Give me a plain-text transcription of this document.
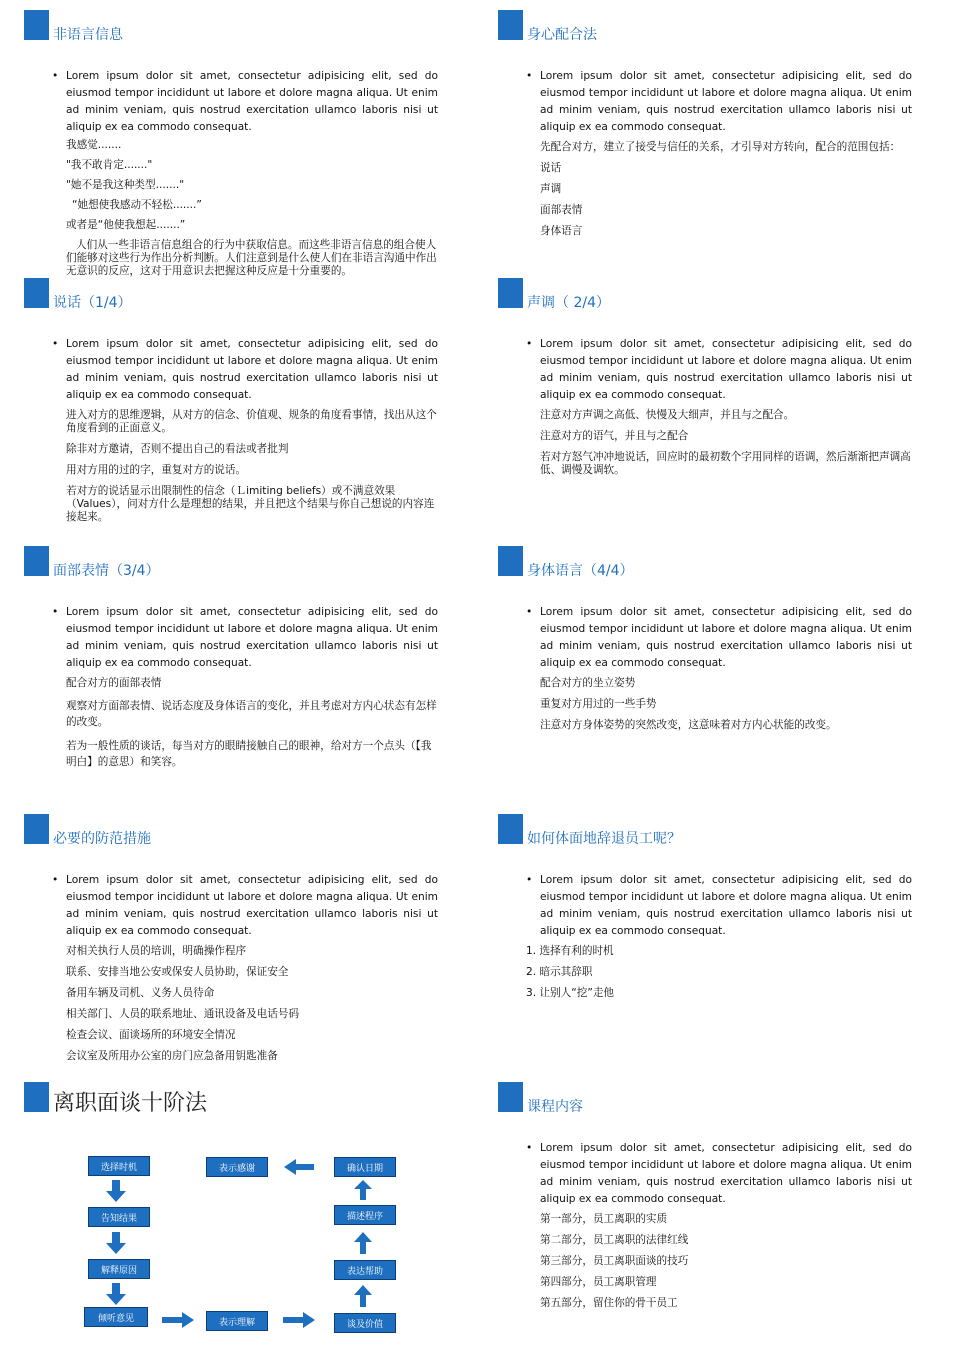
非语言信息
• Lorem ipsum dolor sit amet, consectetur adipisicing elit, sed do eiusmod tempor incididunt ut labore et dolore magna aliqua. Ut enim ad minim veniam, quis nostrud exercitation ullamco laboris nisi ut aliquip ex ea commodo consequat.
我感觉.......
"我不敢肯定......."
"她不是我这种类型......."
“她想使我感动不轻松.......”
或者是“他使我想起.......”
人们从一些非语言信息组合的行为中获取信息。而这些非语言信息的组合使人们能够对这些行为作出分析判断。人们注意到是什么使人们在非语言沟通中作出无意识的反应，这对于用意识去把握这种反应是十分重要的。
身心配合法
• Lorem ipsum dolor sit amet, consectetur adipisicing elit, sed do eiusmod tempor incididunt ut labore et dolore magna aliqua. Ut enim ad minim veniam, quis nostrud exercitation ullamco laboris nisi ut aliquip ex ea commodo consequat.
先配合对方，建立了接受与信任的关系，才引导对方转向，配合的范围包括：
说话
声调
面部表情
身体语言
说话（1/4）
• Lorem ipsum dolor sit amet, consectetur adipisicing elit, sed do eiusmod tempor incididunt ut labore et dolore magna aliqua. Ut enim ad minim veniam, quis nostrud exercitation ullamco laboris nisi ut aliquip ex ea commodo consequat.
进入对方的思维逻辑，从对方的信念、价值观、规条的角度看事情，找出从这个角度看到的正面意义。
除非对方邀请，否则不提出自己的看法或者批判
用对方用的过的字，重复对方的说话。
若对方的说话显示出限制性的信念（Ｌimiting beliefs）或不满意效果（Values），问对方什么是理想的结果，并且把这个结果与你自己想说的内容连接起来。
声调（ 2/4）
• Lorem ipsum dolor sit amet, consectetur adipisicing elit, sed do eiusmod tempor incididunt ut labore et dolore magna aliqua. Ut enim ad minim veniam, quis nostrud exercitation ullamco laboris nisi ut aliquip ex ea commodo consequat.
注意对方声调之高低、快慢及大细声，并且与之配合。
注意对方的语气，并且与之配合
若对方怒气冲冲地说话，回应时的最初数个字用同样的语调，然后渐渐把声调高低、调慢及调软。
面部表情（3/4）
• Lorem ipsum dolor sit amet, consectetur adipisicing elit, sed do eiusmod tempor incididunt ut labore et dolore magna aliqua. Ut enim ad minim veniam, quis nostrud exercitation ullamco laboris nisi ut aliquip ex ea commodo consequat.
配合对方的面部表情
观察对方面部表情、说话态度及身体语言的变化，并且考虑对方内心状态有怎样的改变。
若为一般性质的谈话，每当对方的眼睛接触自己的眼神，给对方一个点头（【我明白】的意思）和笑容。
身体语言（4/4）
• Lorem ipsum dolor sit amet, consectetur adipisicing elit, sed do eiusmod tempor incididunt ut labore et dolore magna aliqua. Ut enim ad minim veniam, quis nostrud exercitation ullamco laboris nisi ut aliquip ex ea commodo consequat.
配合对方的坐立姿势
重复对方用过的一些手势
注意对方身体姿势的突然改变，这意味着对方内心状能的改变。
必要的防范措施
• Lorem ipsum dolor sit amet, consectetur adipisicing elit, sed do eiusmod tempor incididunt ut labore et dolore magna aliqua. Ut enim ad minim veniam, quis nostrud exercitation ullamco laboris nisi ut aliquip ex ea commodo consequat.
对相关执行人员的培训，明确操作程序
联系、安排当地公安或保安人员协助，保证安全
备用车辆及司机、义务人员待命
相关部门、人员的联系地址、通讯设备及电话号码
检查会议、面谈场所的环境安全情况
会议室及所用办公室的房门应急备用钥匙准备
如何体面地辞退员工呢？
• Lorem ipsum dolor sit amet, consectetur adipisicing elit, sed do eiusmod tempor incididunt ut labore et dolore magna aliqua. Ut enim ad minim veniam, quis nostrud exercitation ullamco laboris nisi ut aliquip ex ea commodo consequat.
1. 选择有利的时机
2. 暗示其辞职
3. 让别人“挖”走他
离职面谈十阶法
选择时机
告知结果
解释原因
倾听意见	表示理解	谈及价值
表达帮助
描述程序
确认日期
表示感谢
课程内容
• Lorem ipsum dolor sit amet, consectetur adipisicing elit, sed do eiusmod tempor incididunt ut labore et dolore magna aliqua. Ut enim ad minim veniam, quis nostrud exercitation ullamco laboris nisi ut aliquip ex ea commodo consequat.
第一部分，员工离职的实质
第二部分，员工离职的法律红线
第三部分，员工离职面谈的技巧
第四部分，员工离职管理
第五部分，留住你的骨干员工
